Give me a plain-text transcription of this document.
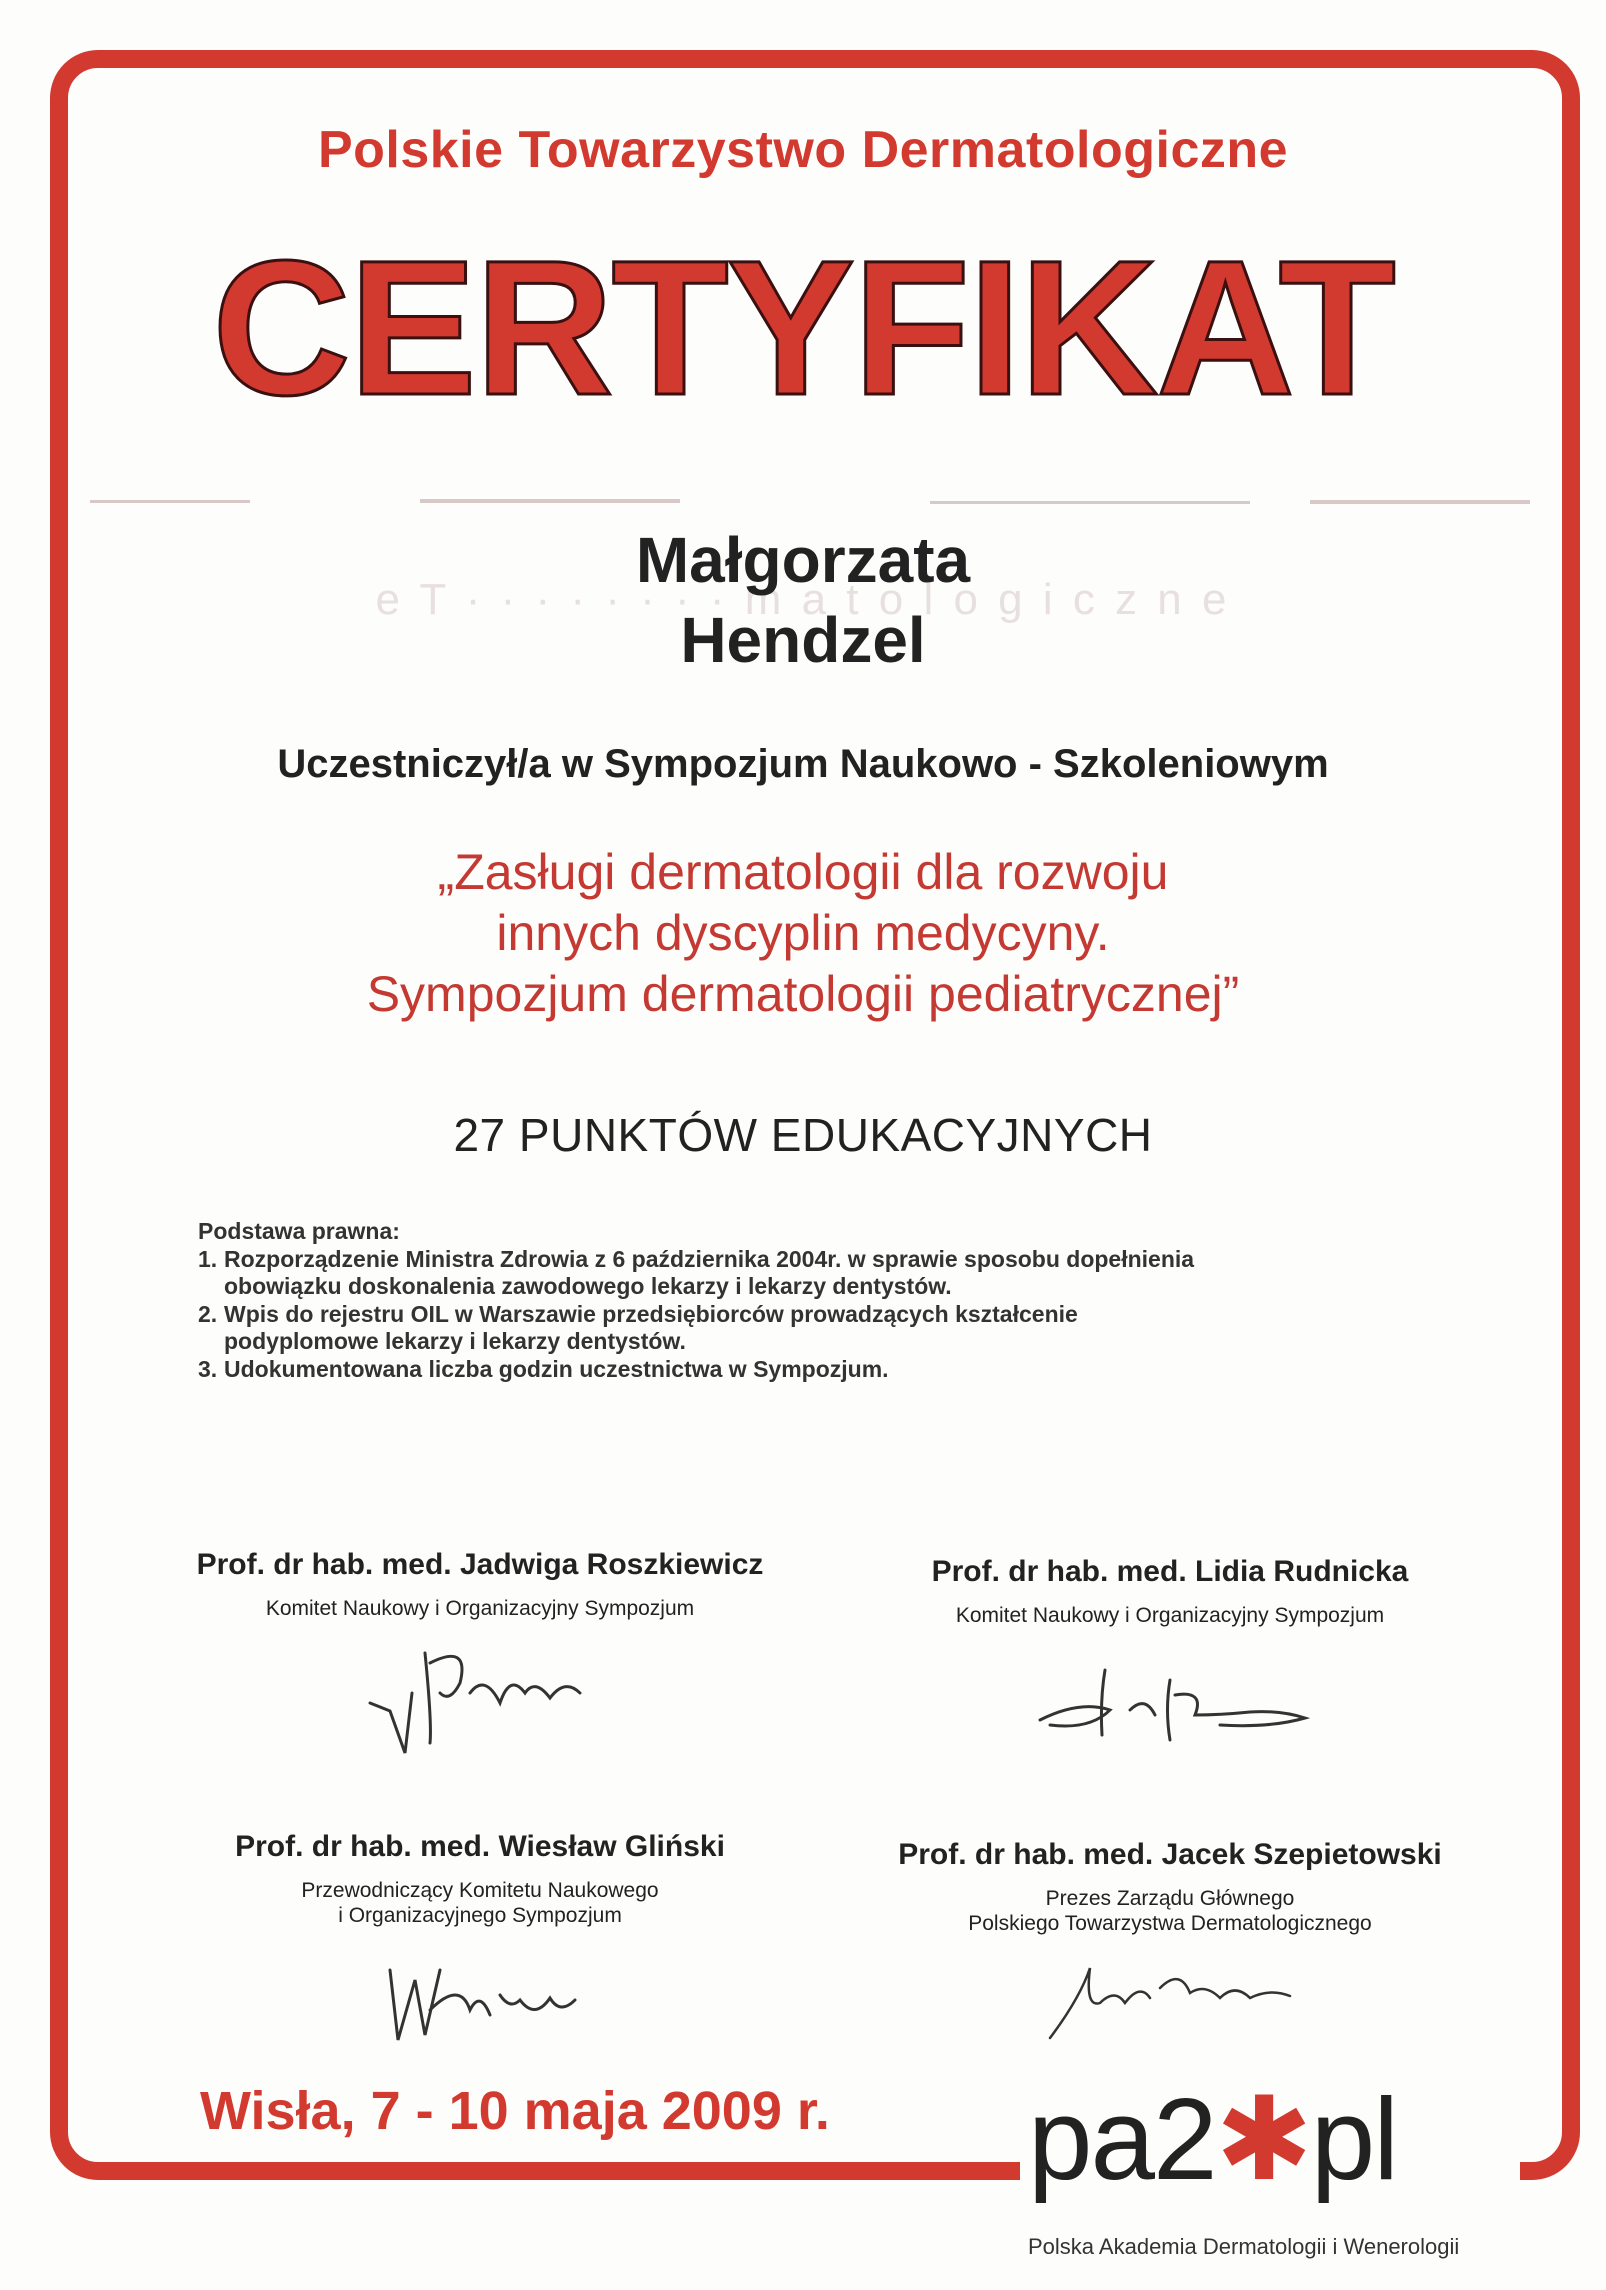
Polskie Towarzystwo Dermatologiczne
CERTYFIKAT
e T · · · · · · · · m a t o l o g i c z n e
Małgorzata
Hendzel
Uczestniczył/a w Sympozjum Naukowo - Szkoleniowym
„Zasługi dermatologii dla rozwoju
innych dyscyplin medycyny.
Sympozjum dermatologii pediatrycznej”
27 PUNKTÓW EDUKACYJNYCH
Podstawa prawna:
1. Rozporządzenie Ministra Zdrowia z 6 października 2004r. w sprawie sposobu dopełnienia obowiązku doskonalenia zawodowego lekarzy i lekarzy dentystów.
2. Wpis do rejestru OIL w Warszawie przedsiębiorców prowadzących kształcenie podyplomowe lekarzy i lekarzy dentystów.
3. Udokumentowana liczba godzin uczestnictwa w Sympozjum.
Prof. dr hab. med. Jadwiga Roszkiewicz
Komitet Naukowy i Organizacyjny Sympozjum
Prof. dr hab. med. Lidia Rudnicka
Komitet Naukowy i Organizacyjny Sympozjum
Prof. dr hab. med. Wiesław Gliński
Przewodniczący Komitetu Naukowego
i Organizacyjnego Sympozjum
Prof. dr hab. med. Jacek Szepietowski
Prezes Zarządu Głównego
Polskiego Towarzystwa Dermatologicznego
Wisła, 7 - 10 maja 2009 r. pa2✱pl
Polska Akademia Dermatologii i Wenerologii
